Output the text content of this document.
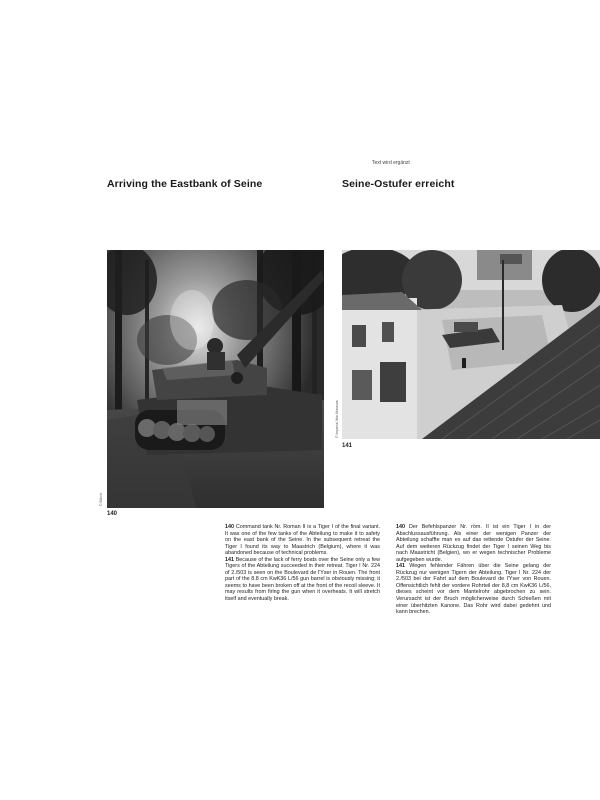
Text wird ergänzt
Arriving the Eastbank of Seine	Seine-Ostufer erreicht
© BArch
140
© Imperial War Museum
141

140 Command tank Nr. Roman II is a Tiger I of the final variant. It was one of the few tanks of the Abteilung to make it to safety on the east bank of the Seine. In the subsequent retreat the Tiger I found its way to Maastrich (Belgium), where it was abandoned because of technical problems.

141 Because of the lack of ferry boats over the Seine only a few Tigers of the Abteilung succeeded in their retreat. Tiger I Nr. 224 of 2./503 is seen on the Boulevard de l'Yser in Rouen. The front part of the 8.8 cm KwK36 L/56 gun barrel is obviously missing; it seems to have been broken off at the front of the recoil sleeve. It may results from firing the gun when it overheats. It will stretch itself and eventually break.

140 Der Befehlspanzer Nr. röm. II ist ein Tiger I in der Abschlussausführung. Als einer der wenigen Panzer der Abteilung schaffte man es auf das rettende Ostufer der Seine. Auf dem weiteren Rückzug findet der Tiger I seinen Weg bis nach Maastricht (Belgien), wo er wegen technischer Probleme aufgegeben wurde.

141 Wegen fehlender Fähren über die Seine gelang der Rückzug nur wenigen Tigern der Abteilung. Tiger I Nr. 224 der 2./503 bei der Fahrt auf dem Boulevard de l'Yser von Rouen. Offensichtlich fehlt der vordere Rohrteil der 8,8 cm KwK36 L/56, dieses scheint vor dem Mantelrohr abgebrochen zu sein. Verursacht ist der Bruch möglicherweise durch Schießen mit einer überhitzten Kanone. Das Rohr wird dabei gedehnt und kann brechen.
